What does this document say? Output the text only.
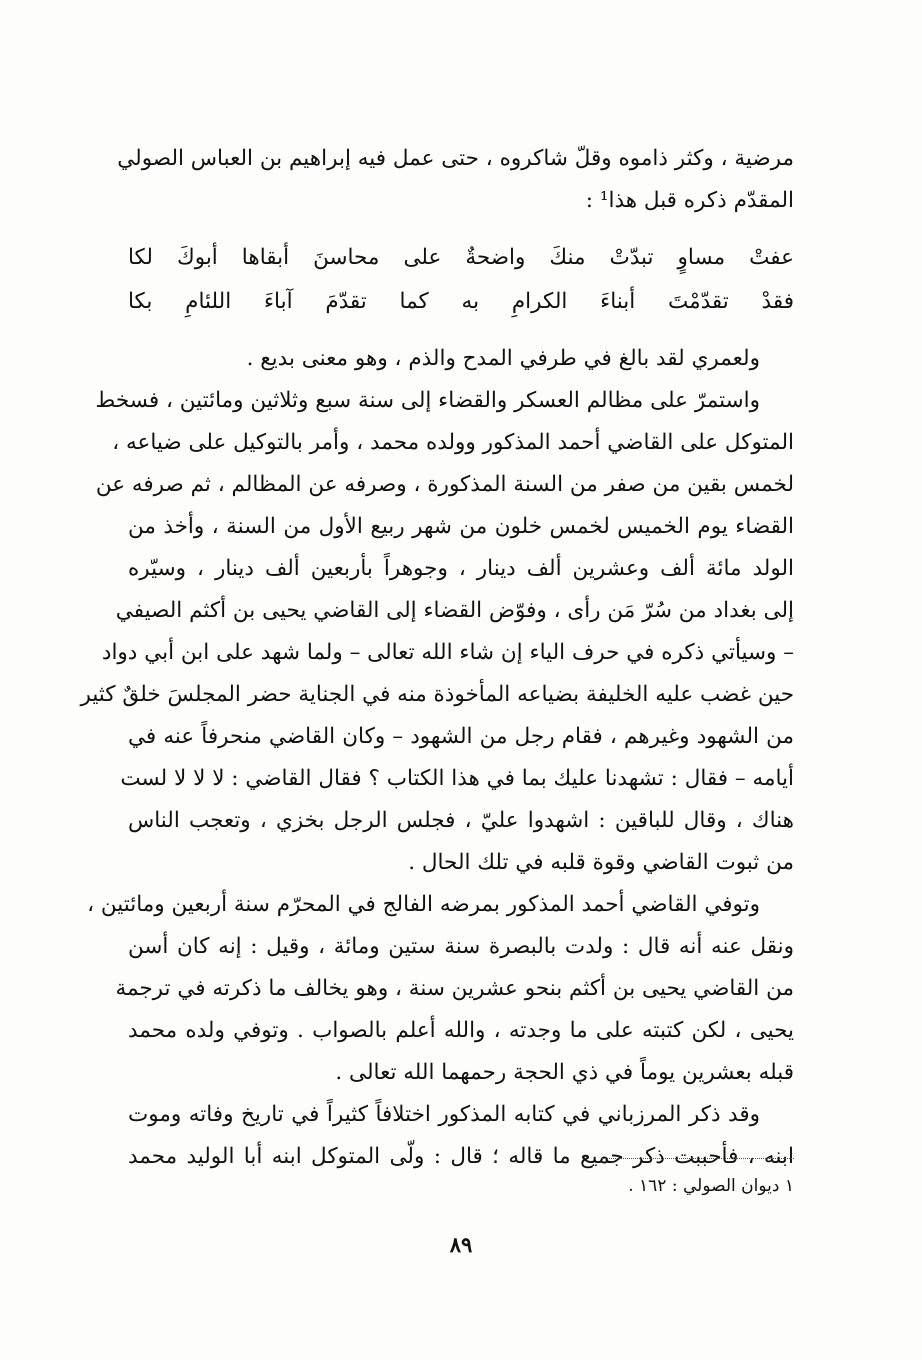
مرضية ، وكثر ذاموه وقلّ شاكروه ، حتى عمل فيه إبراهيم بن العباس الصولي
المقدّم ذكره قبل هذا¹ :
عفتْ مساوٍ تبدّتْ منكَ واضحةٌ على محاسنَ أبقاها أبوكَ لكا
فقدْ تقدّمْتَ أبناءَ الكرامِ به كما تقدّمَ آباءَ اللئامِ بكا
ولعمري لقد بالغ في طرفي المدح والذم ، وهو معنى بديع .
واستمرّ على مظالم العسكر والقضاء إلى سنة سبع وثلاثين ومائتين ، فسخط
المتوكل على القاضي أحمد المذكور وولده محمد ، وأمر بالتوكيل على ضياعه ،
لخمس بقين من صفر من السنة المذكورة ، وصرفه عن المظالم ، ثم صرفه عن
القضاء يوم الخميس لخمس خلون من شهر ربيع الأول من السنة ، وأخذ من
الولد مائة ألف وعشرين ألف دينار ، وجوهراً بأربعين ألف دينار ، وسيّره
إلى بغداد من سُرّ مَن رأى ، وفوّض القضاء إلى القاضي يحيى بن أكثم الصيفي
– وسيأتي ذكره في حرف الياء إن شاء الله تعالى – ولما شهد على ابن أبي دواد
حين غضب عليه الخليفة بضياعه المأخوذة منه في الجناية حضر المجلسَ خلقٌ كثير
من الشهود وغيرهم ، فقام رجل من الشهود – وكان القاضي منحرفاً عنه في
أيامه – فقال : تشهدنا عليك بما في هذا الكتاب ؟ فقال القاضي : لا لا لا لست
هناك ، وقال للباقين : اشهدوا عليّ ، فجلس الرجل بخزي ، وتعجب الناس
من ثبوت القاضي وقوة قلبه في تلك الحال .
وتوفي القاضي أحمد المذكور بمرضه الفالج في المحرّم سنة أربعين ومائتين ،
ونقل عنه أنه قال : ولدت بالبصرة سنة ستين ومائة ، وقيل : إنه كان أسن
من القاضي يحيى بن أكثم بنحو عشرين سنة ، وهو يخالف ما ذكرته في ترجمة
يحيى ، لكن كتبته على ما وجدته ، والله أعلم بالصواب . وتوفي ولده محمد
قبله بعشرين يوماً في ذي الحجة رحمهما الله تعالى .
وقد ذكر المرزباني في كتابه المذكور اختلافاً كثيراً في تاريخ وفاته وموت
ابنه ، فأحببت ذكر جميع ما قاله ؛ قال : ولّى المتوكل ابنه أبا الوليد محمد
١ ديوان الصولي : ١٦٢ .
٨٩
